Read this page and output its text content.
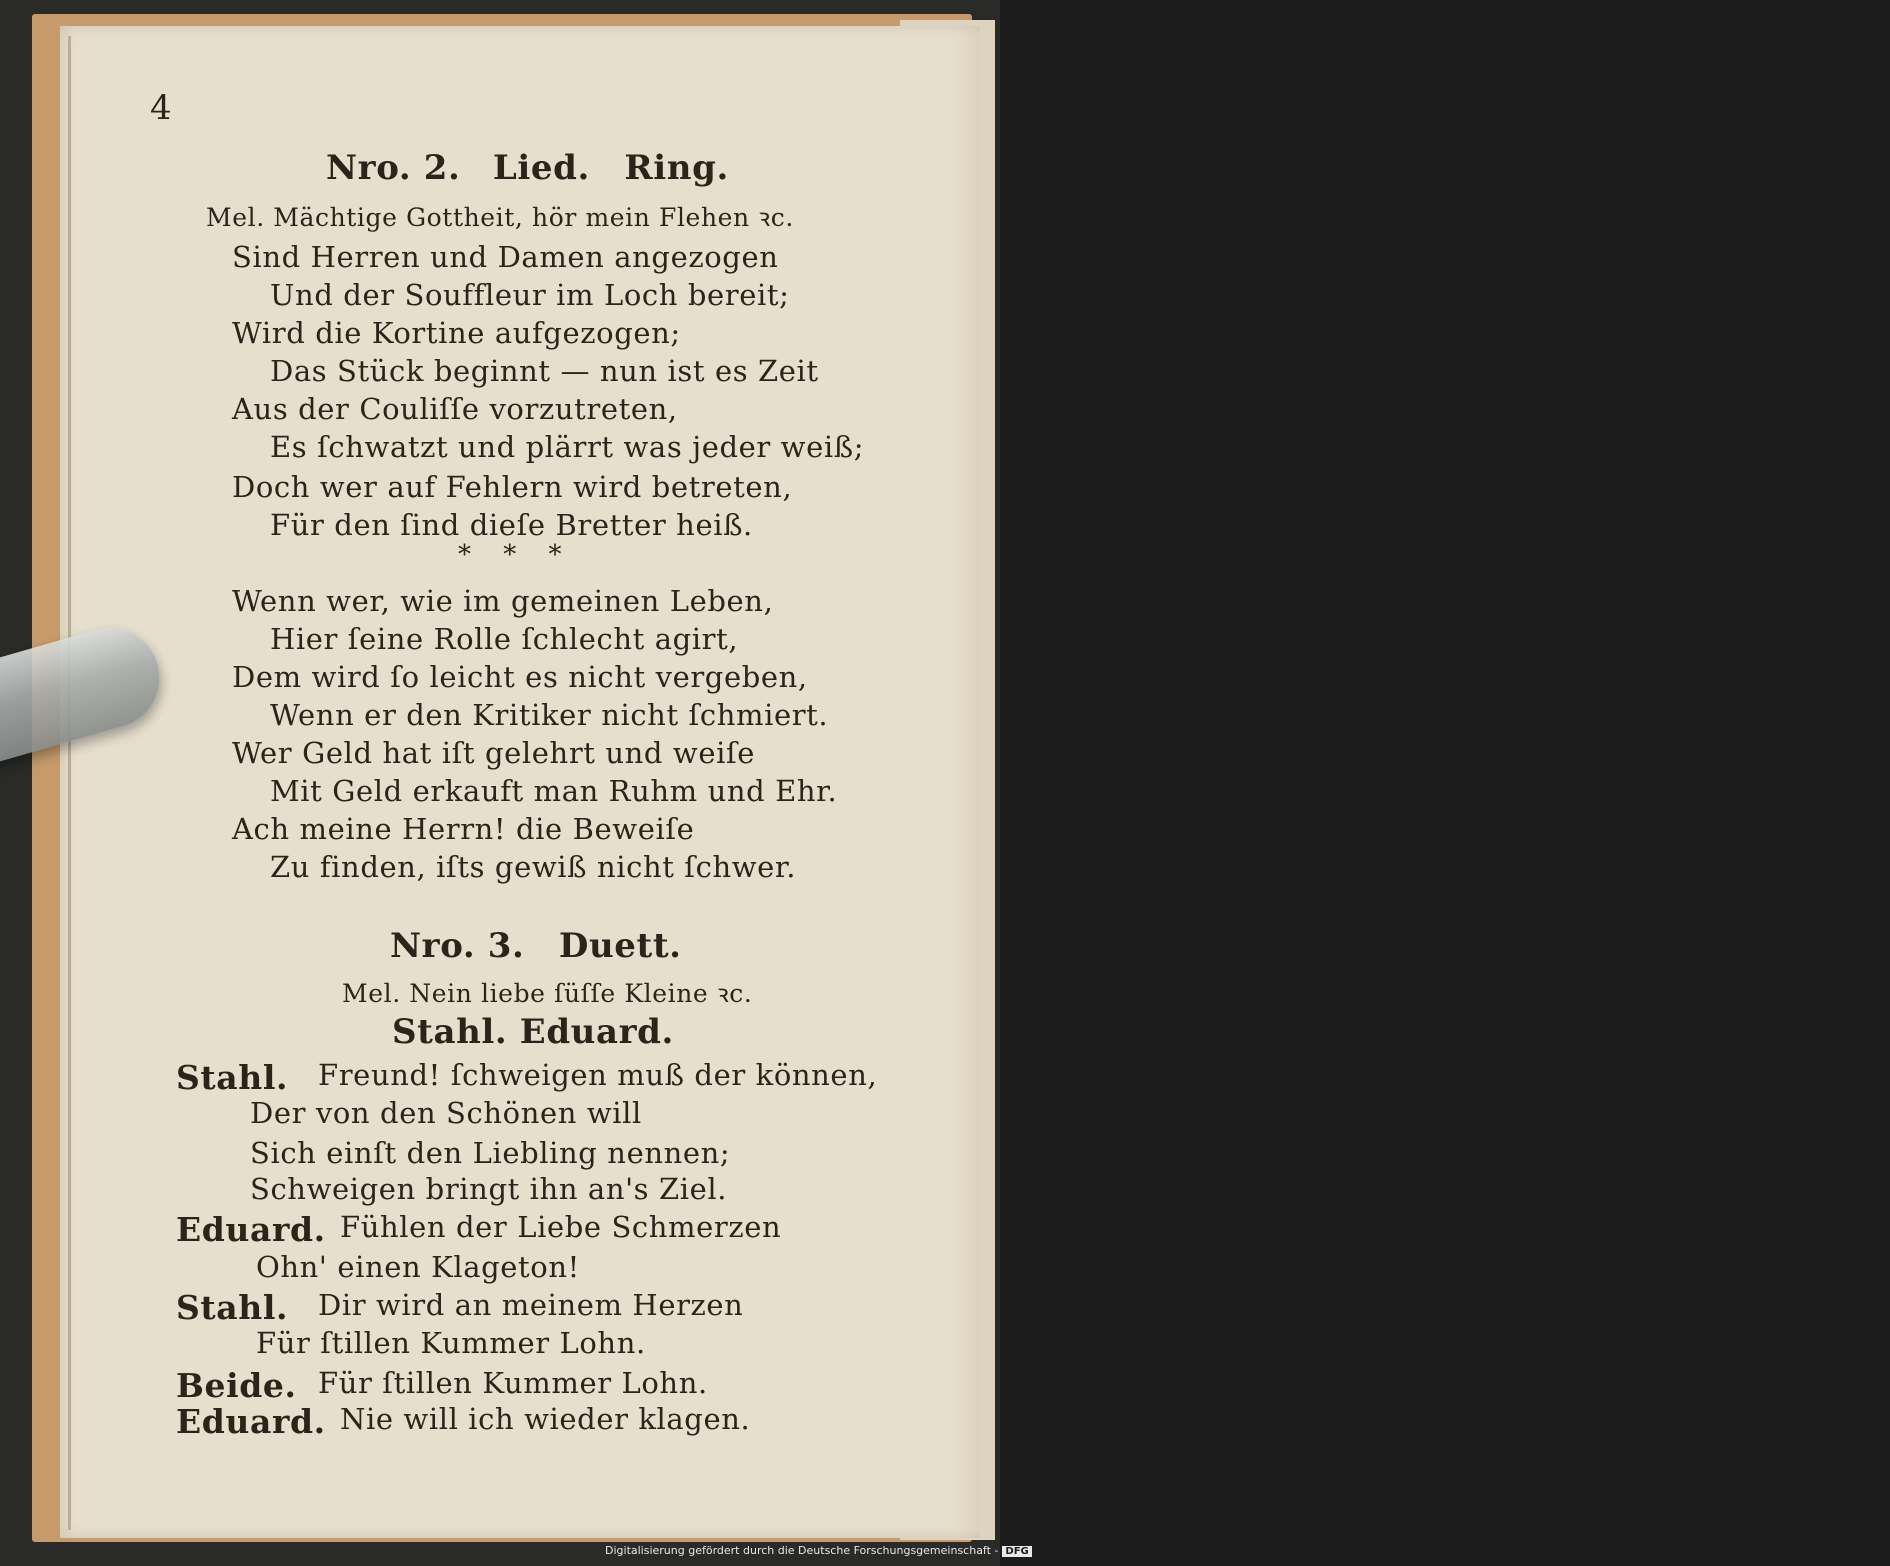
4
Nro. 2. Lied. Ring.
Mel. Mächtige Gottheit, hör mein Flehen ꝛc.
Sind Herren und Damen angezogen
Und der Souffleur im Loch bereit;
Wird die Kortine aufgezogen;
Das Stück beginnt — nun ist es Zeit
Aus der Couliſſe vorzutreten,
Es ſchwatzt und plärrt was jeder weiß;
Doch wer auf Fehlern wird betreten,
Für den ſind dieſe Bretter heiß.
* * *
Wenn wer, wie im gemeinen Leben,
Hier ſeine Rolle ſchlecht agirt,
Dem wird ſo leicht es nicht vergeben,
Wenn er den Kritiker nicht ſchmiert.
Wer Geld hat iſt gelehrt und weiſe
Mit Geld erkauft man Ruhm und Ehr.
Ach meine Herrn! die Beweiſe
Zu finden, iſts gewiß nicht ſchwer.
Nro. 3. Duett.
Mel. Nein liebe ſüſſe Kleine ꝛc.
Stahl. Eduard.
Stahl. Freund! ſchweigen muß der können,
Der von den Schönen will
Sich einſt den Liebling nennen;
Schweigen bringt ihn an's Ziel.
Eduard. Fühlen der Liebe Schmerzen
Ohn' einen Klageton!
Stahl. Dir wird an meinem Herzen
Für ſtillen Kummer Lohn.
Beide. Für ſtillen Kummer Lohn.
Eduard. Nie will ich wieder klagen.
Digitalisierung gefördert durch die Deutsche Forschungsgemeinschaft - DFG
